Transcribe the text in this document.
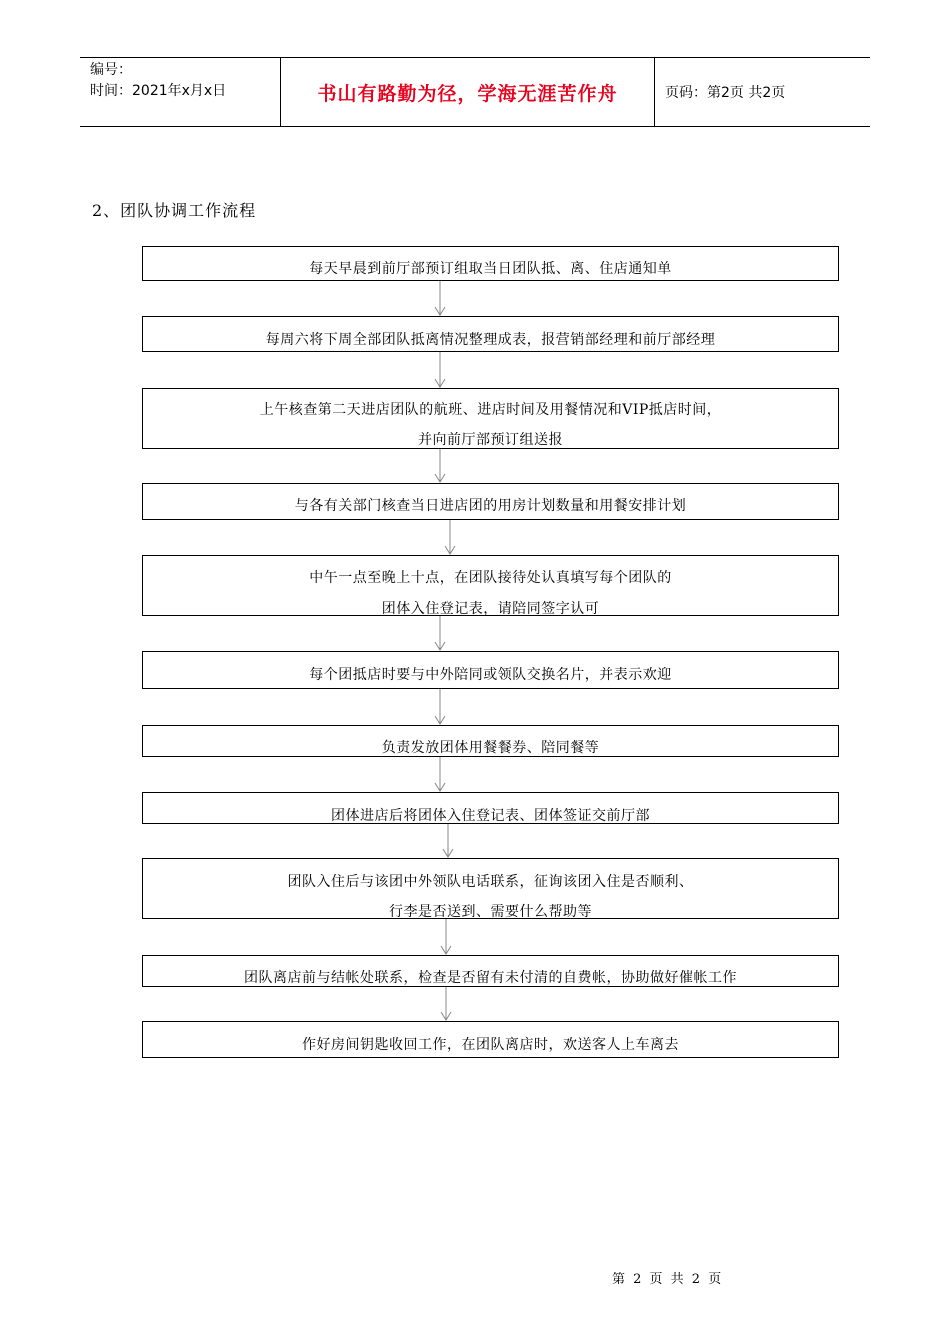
编号：
时间：2021年x月x日	书山有路勤为径，学海无涯苦作舟	页码：第2页 共2页
2、团队协调工作流程
每天早晨到前厅部预订组取当日团队抵、离、住店通知单
每周六将下周全部团队抵离情况整理成表，报营销部经理和前厅部经理
上午核查第二天进店团队的航班、进店时间及用餐情况和VIP抵店时间，
并向前厅部预订组送报
与各有关部门核查当日进店团的用房计划数量和用餐安排计划
中午一点至晚上十点，在团队接待处认真填写每个团队的
团体入住登记表，请陪同签字认可
每个团抵店时要与中外陪同或领队交换名片，并表示欢迎
负责发放团体用餐餐券、陪同餐等
团体进店后将团体入住登记表、团体签证交前厅部
团队入住后与该团中外领队电话联系，征询该团入住是否顺利、
行李是否送到、需要什么帮助等
团队离店前与结帐处联系，检查是否留有未付清的自费帐，协助做好催帐工作
作好房间钥匙收回工作，在团队离店时，欢送客人上车离去
第 2 页 共 2 页
